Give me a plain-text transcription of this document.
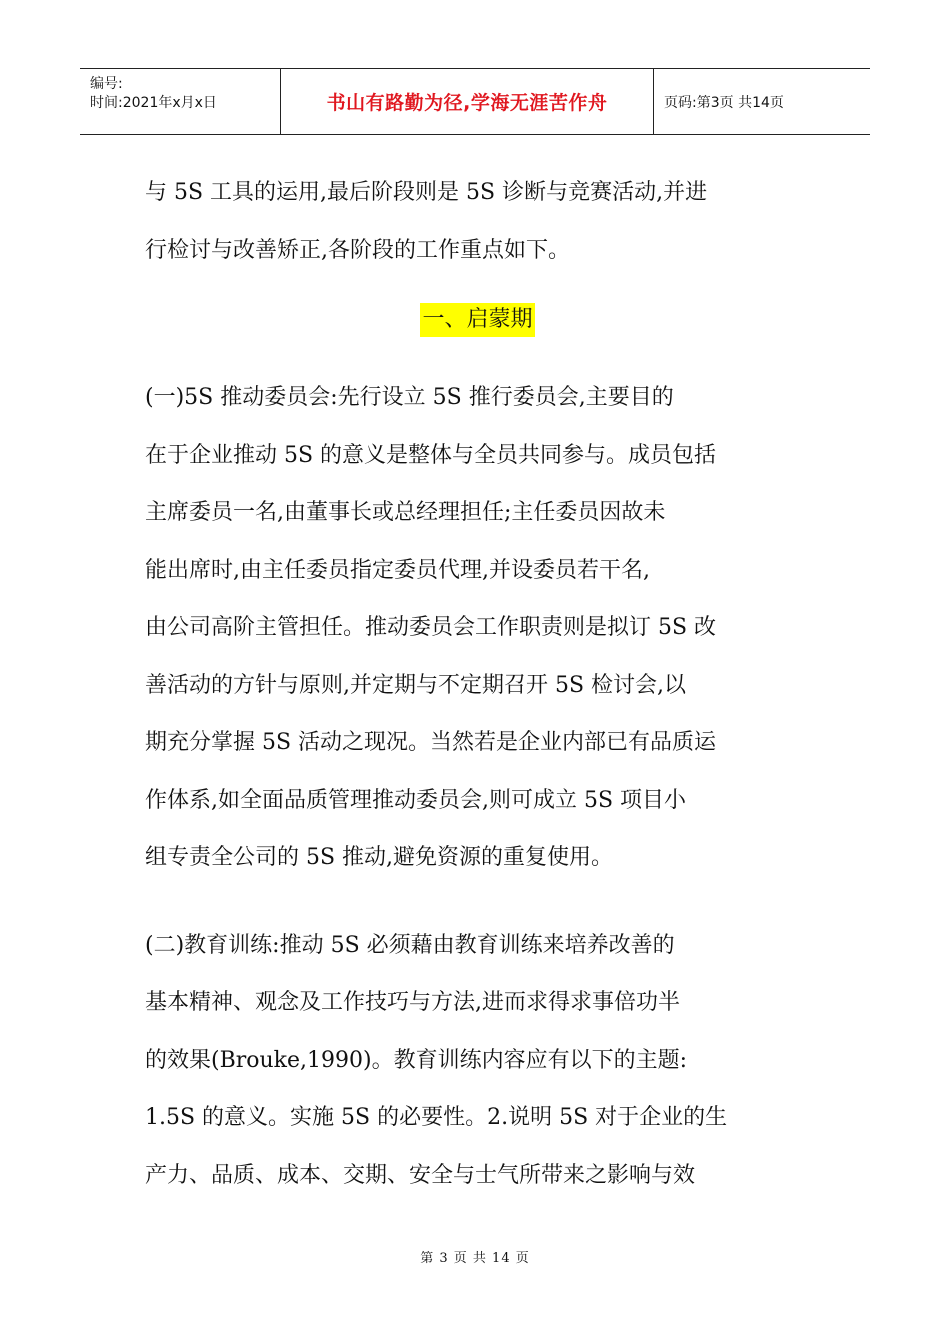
编号:
时间:2021年x月x日	书山有路勤为径,学海无涯苦作舟	页码:第3页 共14页

与 5S 工具的运用,最后阶段则是 5S 诊断与竞赛活动,并进

行检讨与改善矫正,各阶段的工作重点如下。

一、启蒙期

(一)5S 推动委员会:先行设立 5S 推行委员会,主要目的

在于企业推动 5S 的意义是整体与全员共同参与。成员包括

主席委员一名,由董事长或总经理担任;主任委员因故未

能出席时,由主任委员指定委员代理,并设委员若干名,

由公司高阶主管担任。推动委员会工作职责则是拟订 5S 改

善活动的方针与原则,并定期与不定期召开 5S 检讨会,以

期充分掌握 5S 活动之现况。当然若是企业内部已有品质运

作体系,如全面品质管理推动委员会,则可成立 5S 项目小

组专责全公司的 5S 推动,避免资源的重复使用。

(二)教育训练:推动 5S 必须藉由教育训练来培养改善的

基本精神、观念及工作技巧与方法,进而求得求事倍功半

的效果(Brouke,1990)。教育训练内容应有以下的主题:

1.5S 的意义。实施 5S 的必要性。2.说明 5S 对于企业的生

产力、品质、成本、交期、安全与士气所带来之影响与效

第 3 页 共 14 页
